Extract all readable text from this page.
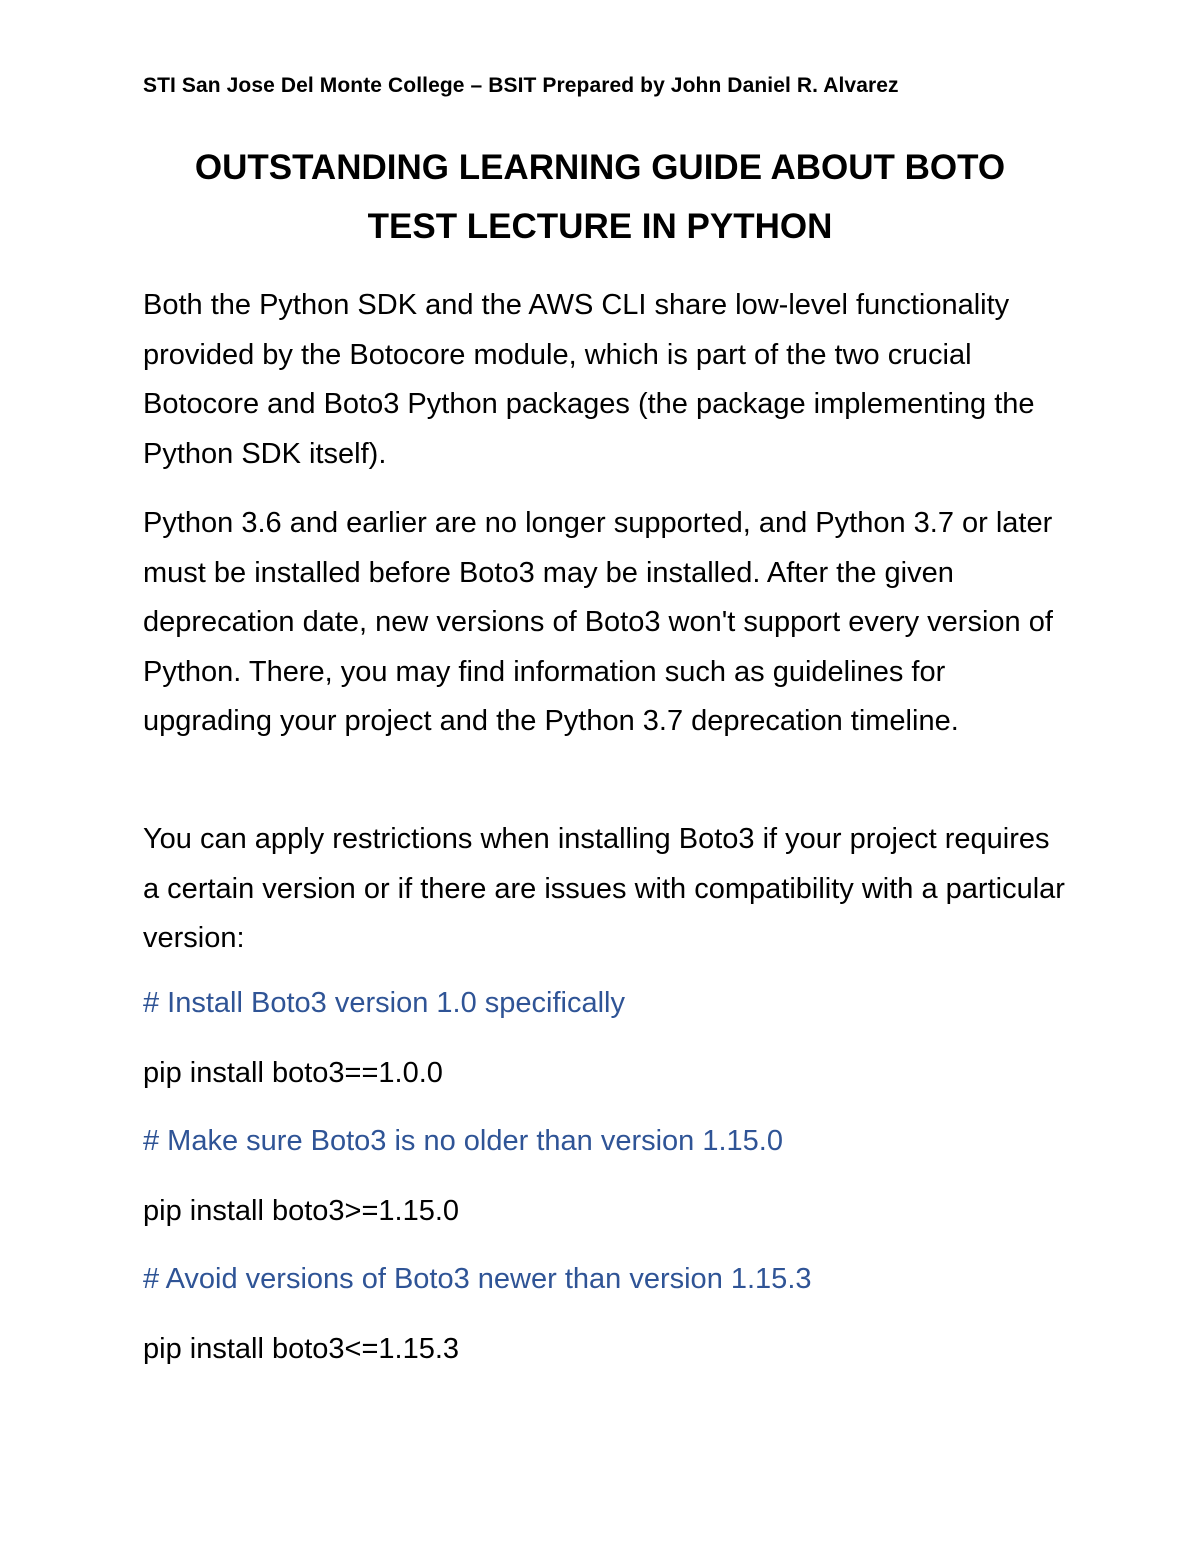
STI San Jose Del Monte College – BSIT Prepared by John Daniel R. Alvarez
OUTSTANDING LEARNING GUIDE ABOUT BOTO
TEST LECTURE IN PYTHON
Both the Python SDK and the AWS CLI share low-level functionality provided by the Botocore module, which is part of the two crucial Botocore and Boto3 Python packages (the package implementing the Python SDK itself).
Python 3.6 and earlier are no longer supported, and Python 3.7 or later must be installed before Boto3 may be installed. After the given deprecation date, new versions of Boto3 won't support every version of Python. There, you may find information such as guidelines for upgrading your project and the Python 3.7 deprecation timeline.
You can apply restrictions when installing Boto3 if your project requires a certain version or if there are issues with compatibility with a particular version:
# Install Boto3 version 1.0 specifically
pip install boto3==1.0.0
# Make sure Boto3 is no older than version 1.15.0
pip install boto3>=1.15.0
# Avoid versions of Boto3 newer than version 1.15.3
pip install boto3<=1.15.3
